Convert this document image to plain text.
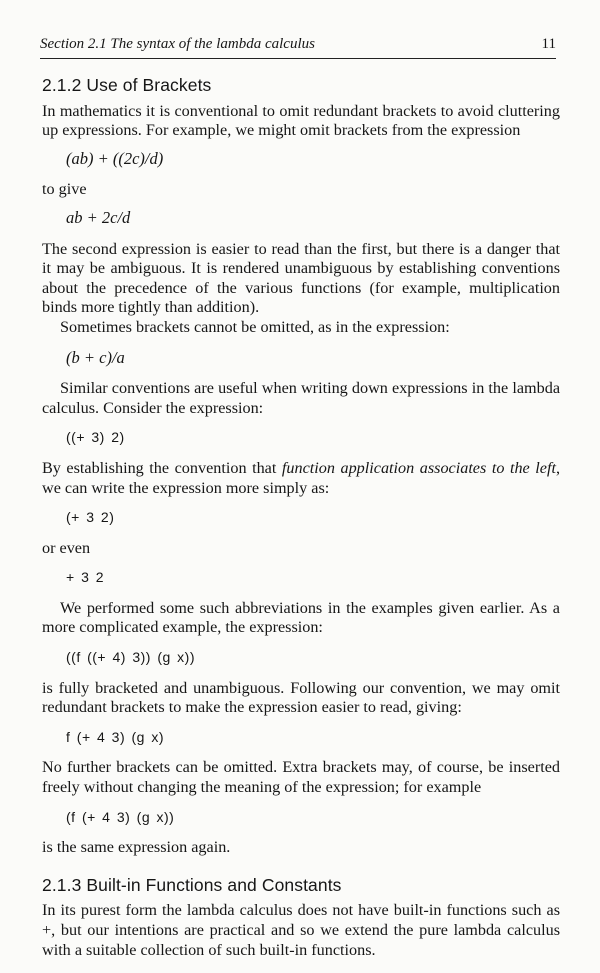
Section 2.1 The syntax of the lambda calculus	11
2.1.2 Use of Brackets

In mathematics it is conventional to omit redundant brackets to avoid cluttering up expressions. For example, we might omit brackets from the expression

(ab) + ((2c)/d)

to give

ab + 2c/d

The second expression is easier to read than the first, but there is a danger that it may be ambiguous. It is rendered unambiguous by establishing conventions about the precedence of the various functions (for example, multiplication binds more tightly than addition).

Sometimes brackets cannot be omitted, as in the expression:

(b + c)/a

Similar conventions are useful when writing down expressions in the lambda calculus. Consider the expression:

((+ 3) 2)

By establishing the convention that function application associates to the left, we can write the expression more simply as:

(+ 3 2)

or even

+ 3 2

We performed some such abbreviations in the examples given earlier. As a more complicated example, the expression:

((f ((+ 4) 3)) (g x))

is fully bracketed and unambiguous. Following our convention, we may omit redundant brackets to make the expression easier to read, giving:

f (+ 4 3) (g x)

No further brackets can be omitted. Extra brackets may, of course, be inserted freely without changing the meaning of the expression; for example

(f (+ 4 3) (g x))

is the same expression again.

2.1.3 Built-in Functions and Constants

In its purest form the lambda calculus does not have built-in functions such as +, but our intentions are practical and so we extend the pure lambda calculus with a suitable collection of such built-in functions.
